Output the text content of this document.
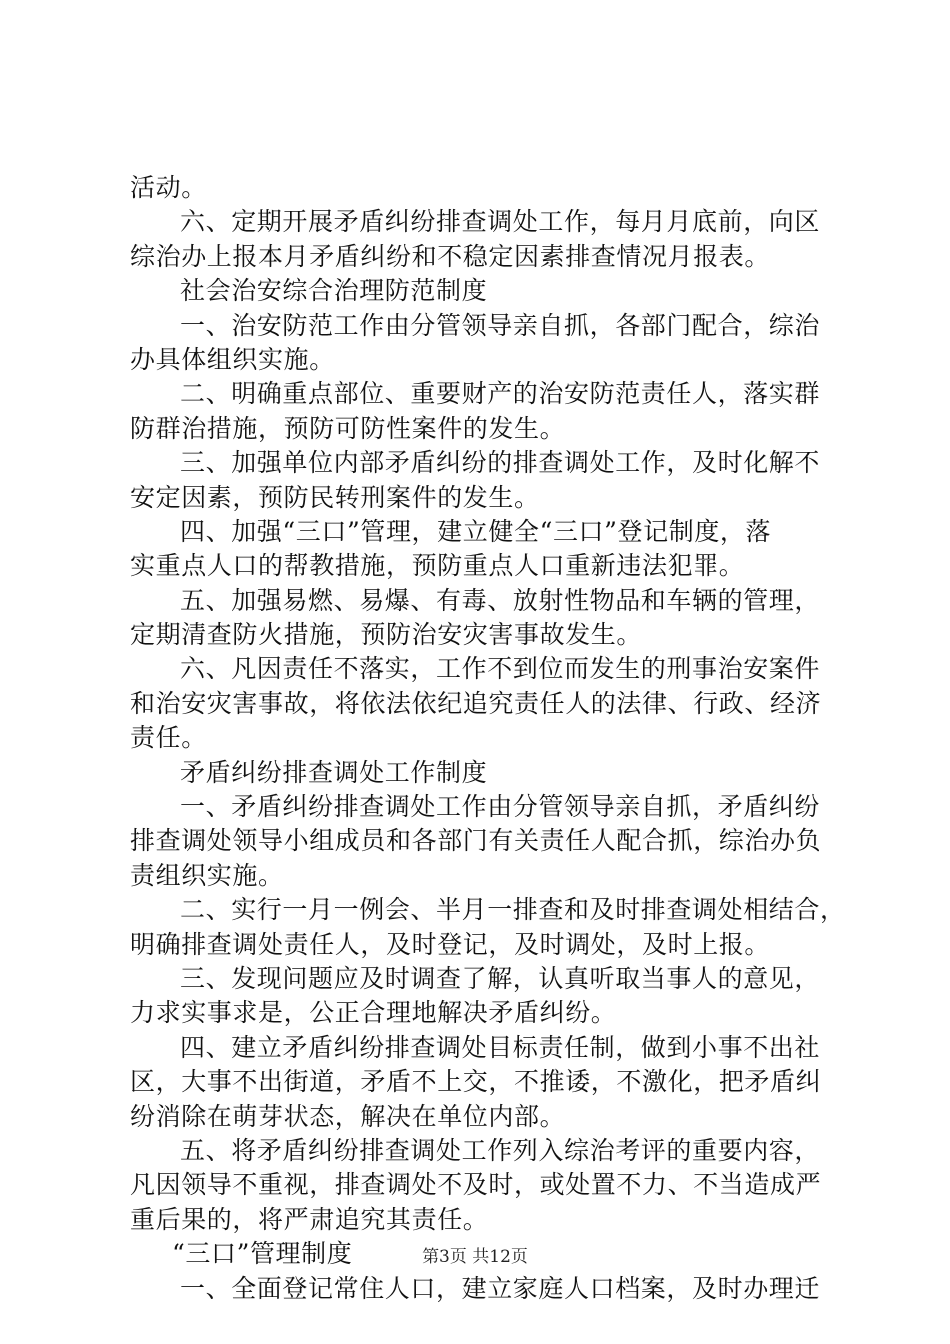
活动。
六、定期开展矛盾纠纷排查调处工作，每月月底前，向区
综治办上报本月矛盾纠纷和不稳定因素排查情况月报表。
社会治安综合治理防范制度
一、治安防范工作由分管领导亲自抓，各部门配合，综治
办具体组织实施。
二、明确重点部位、重要财产的治安防范责任人，落实群
防群治措施，预防可防性案件的发生。
三、加强单位内部矛盾纠纷的排查调处工作，及时化解不
安定因素，预防民转刑案件的发生。
四、加强“三口”管理，建立健全“三口”登记制度，落
实重点人口的帮教措施，预防重点人口重新违法犯罪。
五、加强易燃、易爆、有毒、放射性物品和车辆的管理，
定期清查防火措施，预防治安灾害事故发生。
六、凡因责任不落实，工作不到位而发生的刑事治安案件
和治安灾害事故，将依法依纪追究责任人的法律、行政、经济
责任。
矛盾纠纷排查调处工作制度
一、矛盾纠纷排查调处工作由分管领导亲自抓，矛盾纠纷
排查调处领导小组成员和各部门有关责任人配合抓，综治办负
责组织实施。
二、实行一月一例会、半月一排查和及时排查调处相结合，
明确排查调处责任人，及时登记，及时调处，及时上报。
三、发现问题应及时调查了解，认真听取当事人的意见，
力求实事求是，公正合理地解决矛盾纠纷。
四、建立矛盾纠纷排查调处目标责任制，做到小事不出社
区，大事不出街道，矛盾不上交，不推诿，不激化，把矛盾纠
纷消除在萌芽状态，解决在单位内部。
五、将矛盾纠纷排查调处工作列入综治考评的重要内容，
凡因领导不重视，排查调处不及时，或处置不力、不当造成严
重后果的，将严肃追究其责任。
“三口”管理制度
一、全面登记常住人口，建立家庭人口档案，及时办理迁
第3页 共12页
